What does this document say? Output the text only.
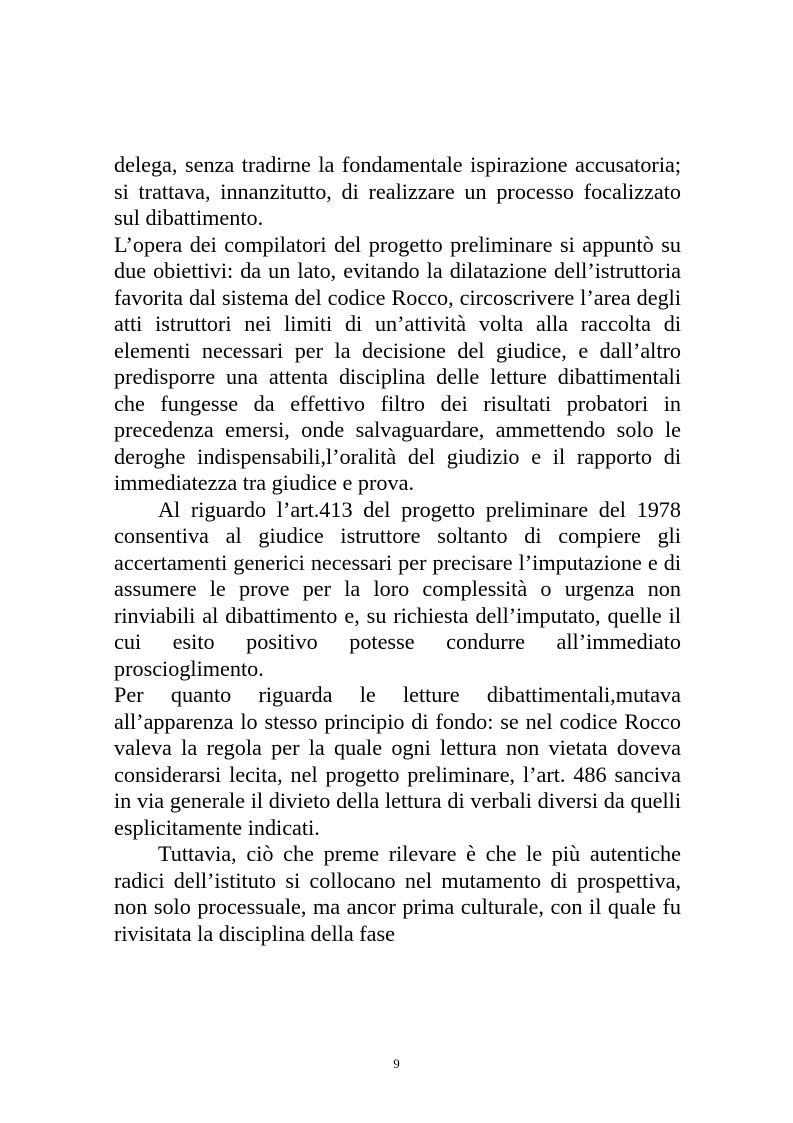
delega, senza tradirne la fondamentale ispirazione accusatoria; si trattava, innanzitutto, di realizzare un processo focalizzato sul dibattimento.

L’opera dei compilatori del progetto preliminare si appuntò su due obiettivi: da un lato, evitando la dilatazione dell’istruttoria favorita dal sistema del codice Rocco, circoscrivere l’area degli atti istruttori nei limiti di un’attività volta alla raccolta di elementi necessari per la decisione del giudice, e dall’altro predisporre una attenta disciplina delle letture dibattimentali che fungesse da effettivo filtro dei risultati probatori in precedenza emersi, onde salvaguardare, ammettendo solo le deroghe indispensabili,l’oralità del giudizio e il rapporto di immediatezza tra giudice e prova.

Al riguardo l’art.413 del progetto preliminare del 1978 consentiva al giudice istruttore soltanto di compiere gli accertamenti generici necessari per precisare l’imputazione e di assumere le prove per la loro complessità o urgenza non rinviabili al dibattimento e, su richiesta dell’imputato, quelle il cui esito positivo potesse condurre all’immediato proscioglimento.

Per quanto riguarda le letture dibattimentali,mutava all’apparenza lo stesso principio di fondo: se nel codice Rocco valeva la regola per la quale ogni lettura non vietata doveva considerarsi lecita, nel progetto preliminare, l’art. 486 sanciva in via generale il divieto della lettura di verbali diversi da quelli esplicitamente indicati.

Tuttavia, ciò che preme rilevare è che le più autentiche radici dell’istituto si collocano nel mutamento di prospettiva, non solo processuale, ma ancor prima culturale, con il quale fu rivisitata la disciplina della fase

9
